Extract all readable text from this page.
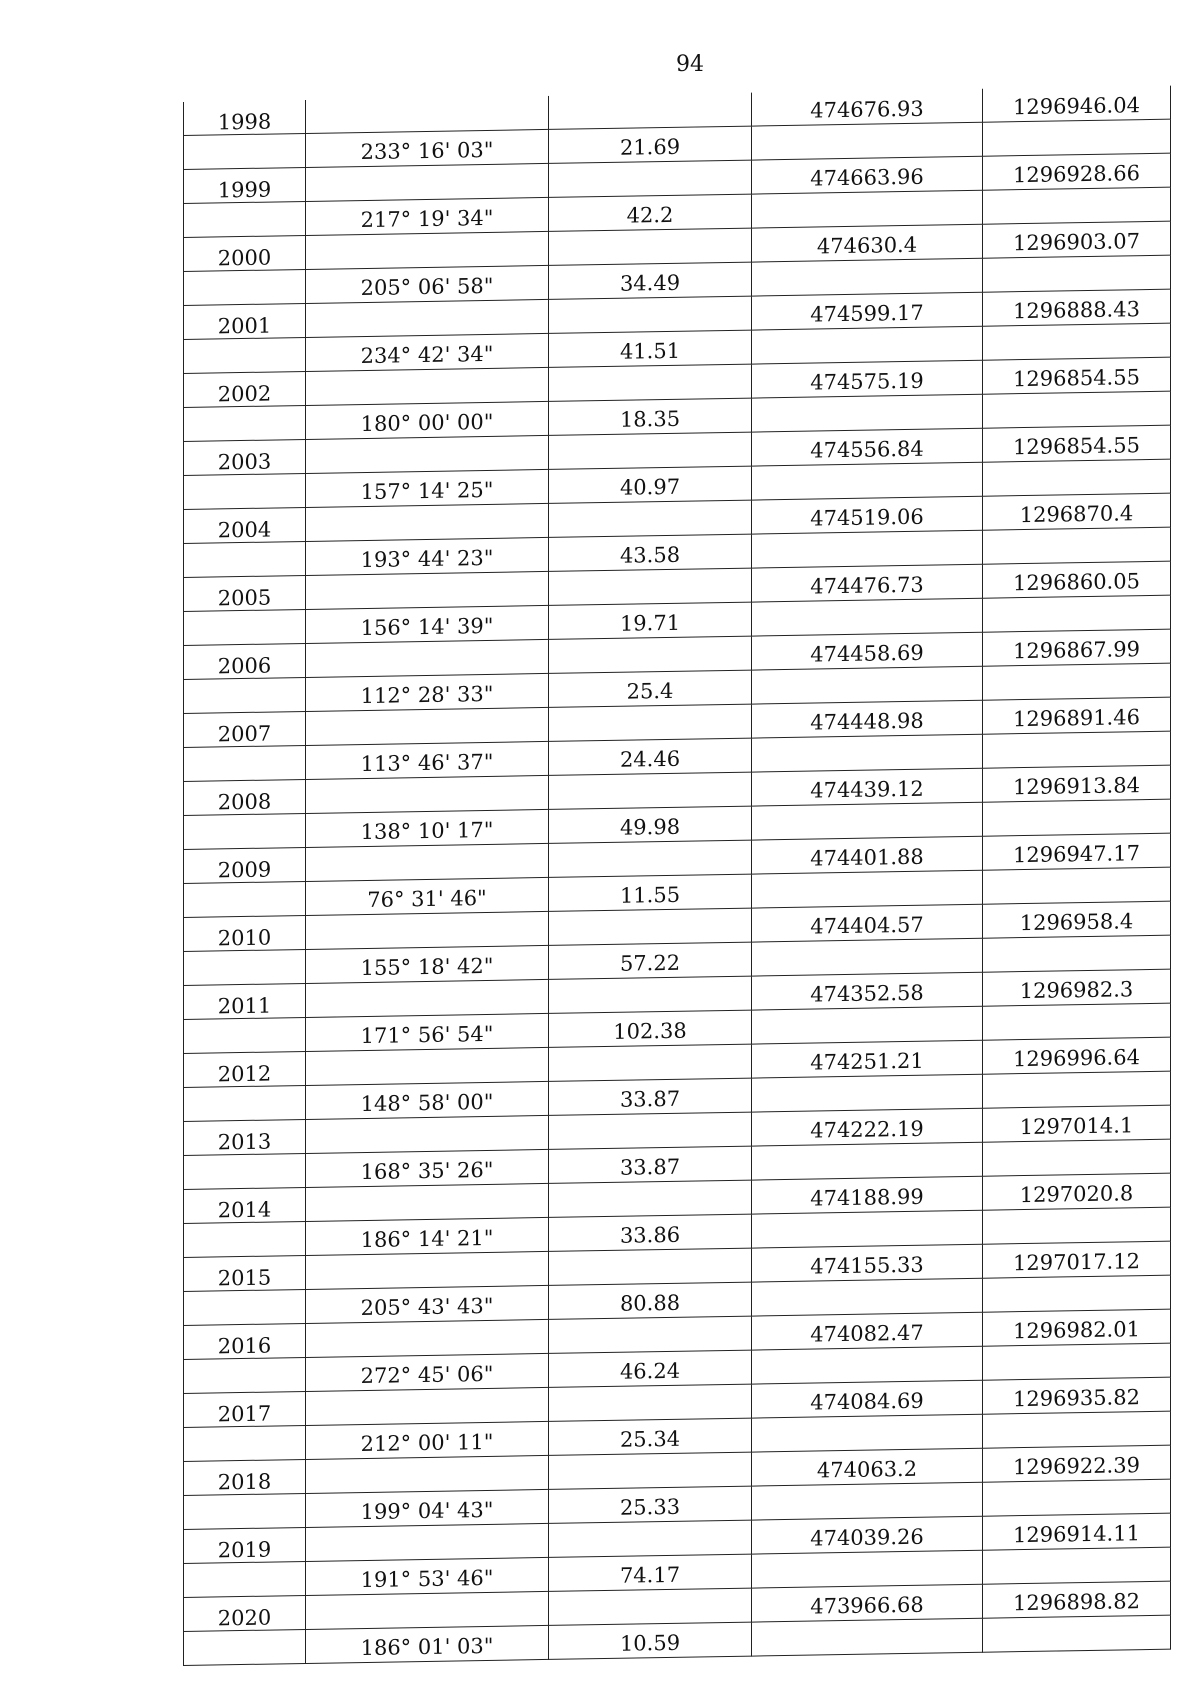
94
1998			474676.93	1296946.04
	233° 16' 03"	21.69		
1999			474663.96	1296928.66
	217° 19' 34"	42.2		
2000			474630.4	1296903.07
	205° 06' 58"	34.49		
2001			474599.17	1296888.43
	234° 42' 34"	41.51		
2002			474575.19	1296854.55
	180° 00' 00"	18.35		
2003			474556.84	1296854.55
	157° 14' 25"	40.97		
2004			474519.06	1296870.4
	193° 44' 23"	43.58		
2005			474476.73	1296860.05
	156° 14' 39"	19.71		
2006			474458.69	1296867.99
	112° 28' 33"	25.4		
2007			474448.98	1296891.46
	113° 46' 37"	24.46		
2008			474439.12	1296913.84
	138° 10' 17"	49.98		
2009			474401.88	1296947.17
	76° 31' 46"	11.55		
2010			474404.57	1296958.4
	155° 18' 42"	57.22		
2011			474352.58	1296982.3
	171° 56' 54"	102.38		
2012			474251.21	1296996.64
	148° 58' 00"	33.87		
2013			474222.19	1297014.1
	168° 35' 26"	33.87		
2014			474188.99	1297020.8
	186° 14' 21"	33.86		
2015			474155.33	1297017.12
	205° 43' 43"	80.88		
2016			474082.47	1296982.01
	272° 45' 06"	46.24		
2017			474084.69	1296935.82
	212° 00' 11"	25.34		
2018			474063.2	1296922.39
	199° 04' 43"	25.33		
2019			474039.26	1296914.11
	191° 53' 46"	74.17		
2020			473966.68	1296898.82
	186° 01' 03"	10.59		
